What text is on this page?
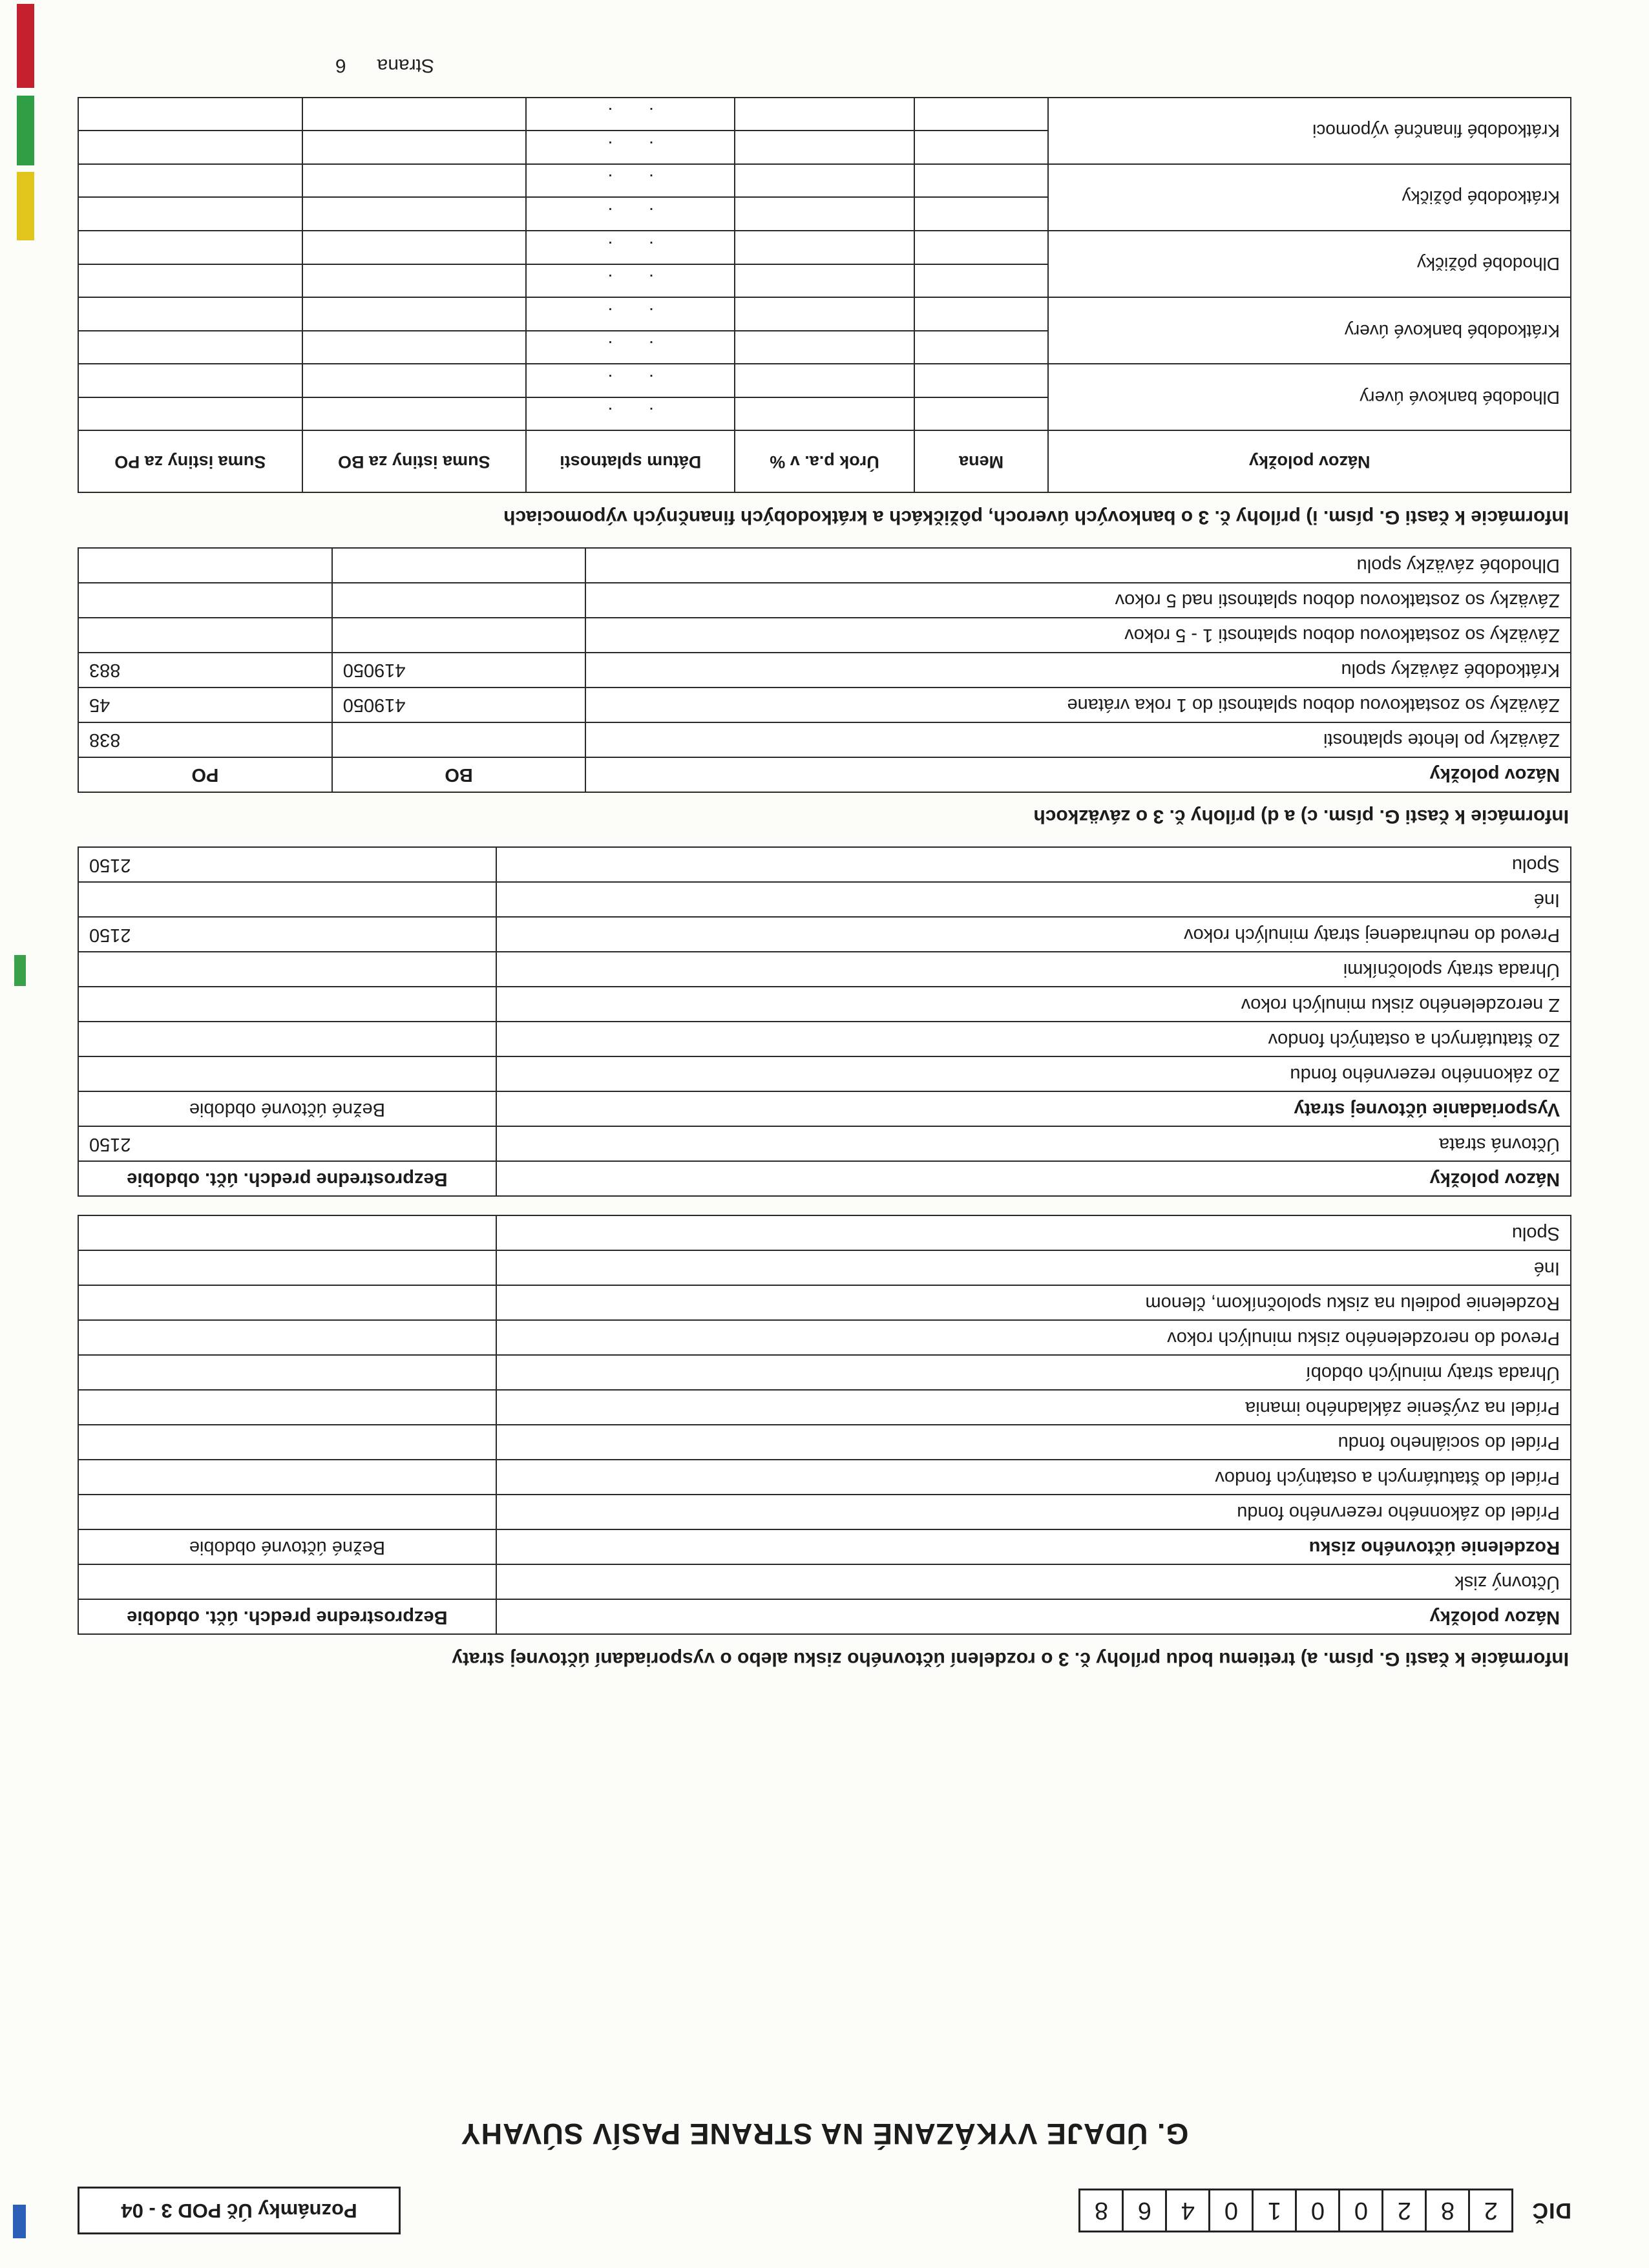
DIČ
2
8
2
0
0
1
0
4
6
8
Poznámky Úč POD 3 - 04
G. ÚDAJE VYKÁZANÉ NA STRANE PASÍV SÚVAHY

Informácie k časti G. písm. a) tretiemu bodu prílohy č. 3 o rozdelení účtovného zisku alebo o vysporiadaní účtovnej straty

Názov položky	Bezprostredne predch. účt. obdobie
Účtovný zisk	
Rozdelenie účtovného zisku	Bežné účtovné obdobie
Prídel do zákonného rezervného fondu	
Prídel do štatutárnych a ostatných fondov	
Prídel do sociálneho fondu	
Prídel na zvýšenie základného imania	
Úhrada straty minulých období	
Prevod do nerozdeleného zisku minulých rokov	
Rozdelenie podielu na zisku spoločníkom, členom	
Iné	
Spolu	
Názov položky	Bezprostredne predch. účt. obdobie
Účtovná strata	2150
Vysporiadanie účtovnej straty	Bežné účtovné obdobie
Zo zákonného rezervného fondu	
Zo štatutárnych a ostatných fondov	
Z nerozdeleného zisku minulých rokov	
Úhrada straty spoločníkmi	
Prevod do neuhradenej straty minulých rokov	2150
Iné	
Spolu	2150

Informácie k časti G. písm. c) a d) prílohy č. 3 o záväzkoch

Názov položky	BO	PO
Záväzky po lehote splatnosti		838
Záväzky so zostatkovou dobou splatnosti do 1 roka vrátane	419050	45
Krátkodobé záväzky spolu	419050	883
Záväzky so zostatkovou dobou splatnosti 1 - 5 rokov		
Záväzky so zostatkovou dobou splatnosti nad 5 rokov		
Dlhodobé záväzky spolu		

Informácie k časti G. písm. i) prílohy č. 3 o bankových úveroch, pôžičkách a krátkodobých finančných výpomociach

Názov položky	Mena	Úrok p.a. v %	Dátum splatnosti	Suma istiny za BO	Suma istiny za PO
Dlhodobé bankové úvery			. .		
			. .		
Krátkodobé bankové úvery			. .		
			. .		
Dlhodobé pôžičky			. .		
			. .		
Krátkodobé pôžičky			. .		
			. .		
Krátkodobé finančné výpomoci			. .		
			. .		
Strana6
